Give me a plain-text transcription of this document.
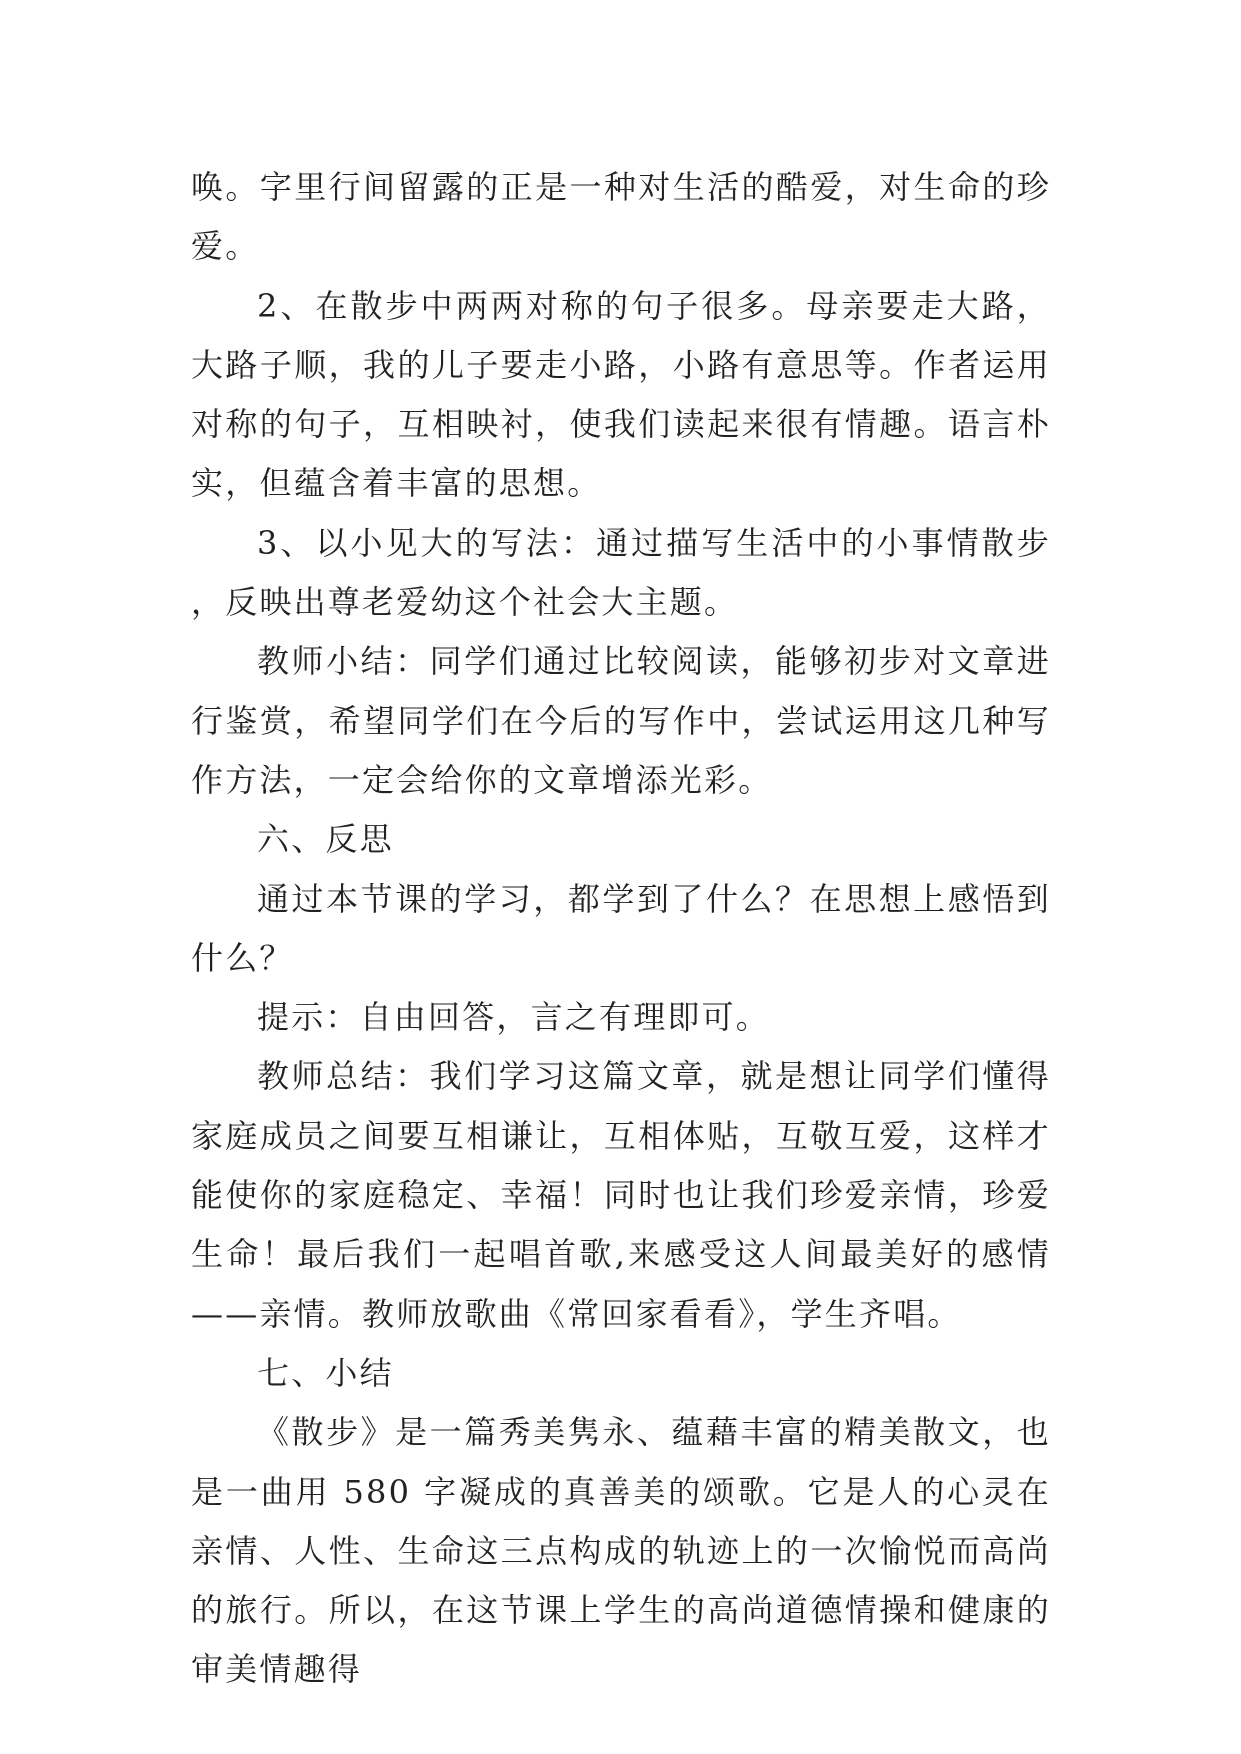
唤。字里行间留露的正是一种对生活的酷爱，对生命的珍爱。

2、在散步中两两对称的句子很多。母亲要走大路，大路子顺，我的儿子要走小路，小路有意思等。作者运用对称的句子，互相映衬，使我们读起来很有情趣。语言朴实，但蕴含着丰富的思想。

3、以小见大的写法：通过描写生活中的小事情散步，反映出尊老爱幼这个社会大主题。

教师小结：同学们通过比较阅读，能够初步对文章进行鉴赏，希望同学们在今后的写作中，尝试运用这几种写作方法，一定会给你的文章增添光彩。

六、反思

通过本节课的学习，都学到了什么？在思想上感悟到什么？

提示：自由回答，言之有理即可。

教师总结：我们学习这篇文章，就是想让同学们懂得家庭成员之间要互相谦让，互相体贴，互敬互爱，这样才能使你的家庭稳定、幸福！同时也让我们珍爱亲情，珍爱生命！最后我们一起唱首歌,来感受这人间最美好的感情——亲情。教师放歌曲《常回家看看》，学生齐唱。

七、小结

《散步》是一篇秀美隽永、蕴藉丰富的精美散文，也是一曲用 580 字凝成的真善美的颂歌。它是人的心灵在亲情、人性、生命这三点构成的轨迹上的一次愉悦而高尚的旅行。所以，在这节课上学生的高尚道德情操和健康的审美情趣得
